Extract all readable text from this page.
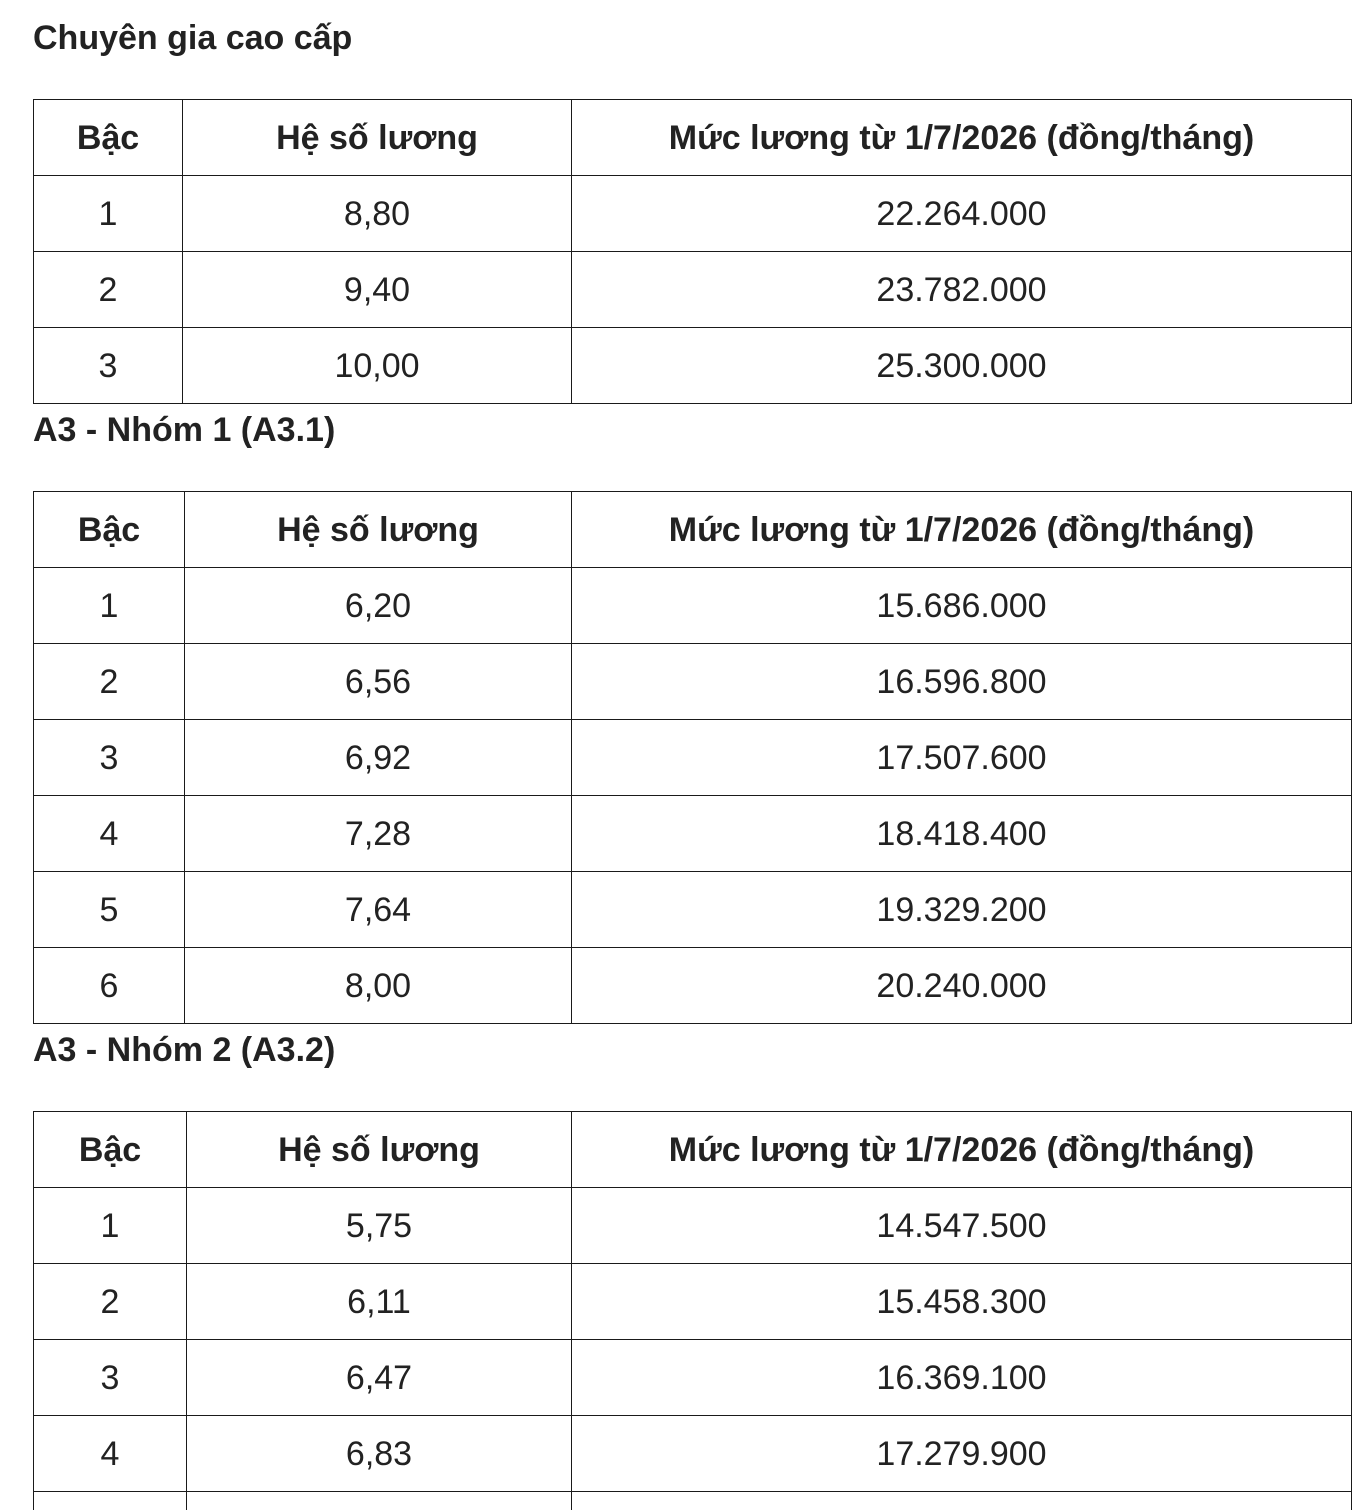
Chuyên gia cao cấp
Bậc	Hệ số lương	Mức lương từ 1/7/2026 (đồng/tháng)
1	8,80	22.264.000
2	9,40	23.782.000
3	10,00	25.300.000
A3 - Nhóm 1 (A3.1)
Bậc	Hệ số lương	Mức lương từ 1/7/2026 (đồng/tháng)
1	6,20	15.686.000
2	6,56	16.596.800
3	6,92	17.507.600
4	7,28	18.418.400
5	7,64	19.329.200
6	8,00	20.240.000
A3 - Nhóm 2 (A3.2)
Bậc	Hệ số lương	Mức lương từ 1/7/2026 (đồng/tháng)
1	5,75	14.547.500
2	6,11	15.458.300
3	6,47	16.369.100
4	6,83	17.279.900
